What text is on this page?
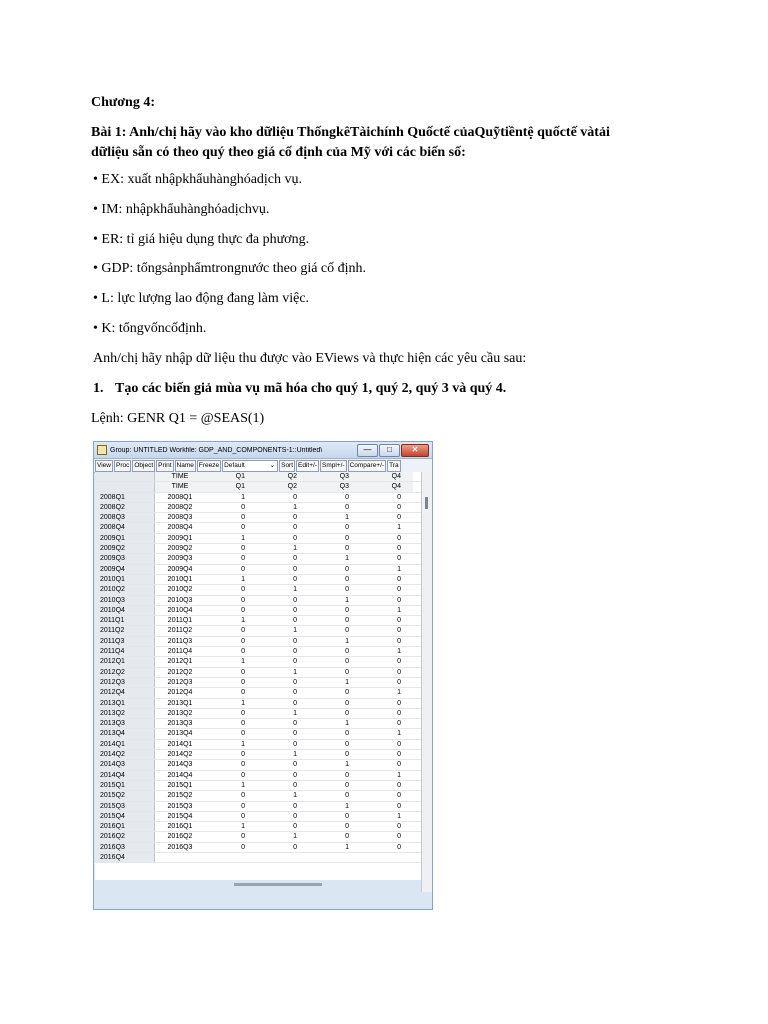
Chương 4:
Bài 1: Anh/chị hãy vào kho dữliệu ThốngkêTàichính Quốctế củaQuỹtiềntệ quốctế vàtải
dữliệu sẵn có theo quý theo giá cố định của Mỹ với các biến số:
• EX: xuất nhậpkhẩuhànghóadịch vụ.
• IM: nhậpkhẩuhànghóadịchvụ.
• ER: tỉ giá hiệu dụng thực đa phương.
• GDP: tổngsảnphẩmtrongnước theo giá cố định.
• L: lực lượng lao động đang làm việc.
• K: tổngvốncốđịnh.
Anh/chị hãy nhập dữ liệu thu được vào EViews và thực hiện các yêu cầu sau:
1. Tạo các biến giả mùa vụ mã hóa cho quý 1, quý 2, quý 3 và quý 4.
Lệnh: GENR Q1 = @SEAS(1)
Group: UNTITLED Workfile: GDP_AND_COMPONENTS-1::Untitled\	—	□	✕
View Proc Object Print Name Freeze Default	⌄ Sort Edit+/- Smpl+/- Compare+/- Tra
TIME	Q1	Q2	Q3	Q4
TIME	Q1	Q2	Q3	Q4
2008Q1	2008Q1	1	0	0	0
2008Q2	2008Q2	0	1	0	0
2008Q3	2008Q3	0	0	1	0
2008Q4	2008Q4	0	0	0	1
2009Q1	2009Q1	1	0	0	0
2009Q2	2009Q2	0	1	0	0
2009Q3	2009Q3	0	0	1	0
2009Q4	2009Q4	0	0	0	1
2010Q1	2010Q1	1	0	0	0
2010Q2	2010Q2	0	1	0	0
2010Q3	2010Q3	0	0	1	0
2010Q4	2010Q4	0	0	0	1
2011Q1	2011Q1	1	0	0	0
2011Q2	2011Q2	0	1	0	0
2011Q3	2011Q3	0	0	1	0
2011Q4	2011Q4	0	0	0	1
2012Q1	2012Q1	1	0	0	0
2012Q2	2012Q2	0	1	0	0
2012Q3	2012Q3	0	0	1	0
2012Q4	2012Q4	0	0	0	1
2013Q1	2013Q1	1	0	0	0
2013Q2	2013Q2	0	1	0	0
2013Q3	2013Q3	0	0	1	0
2013Q4	2013Q4	0	0	0	1
2014Q1	2014Q1	1	0	0	0
2014Q2	2014Q2	0	1	0	0
2014Q3	2014Q3	0	0	1	0
2014Q4	2014Q4	0	0	0	1
2015Q1	2015Q1	1	0	0	0
2015Q2	2015Q2	0	1	0	0
2015Q3	2015Q3	0	0	1	0
2015Q4	2015Q4	0	0	0	1
2016Q1	2016Q1	1	0	0	0
2016Q2	2016Q2	0	1	0	0
2016Q3	2016Q3	0	0	1	0
2016Q4
